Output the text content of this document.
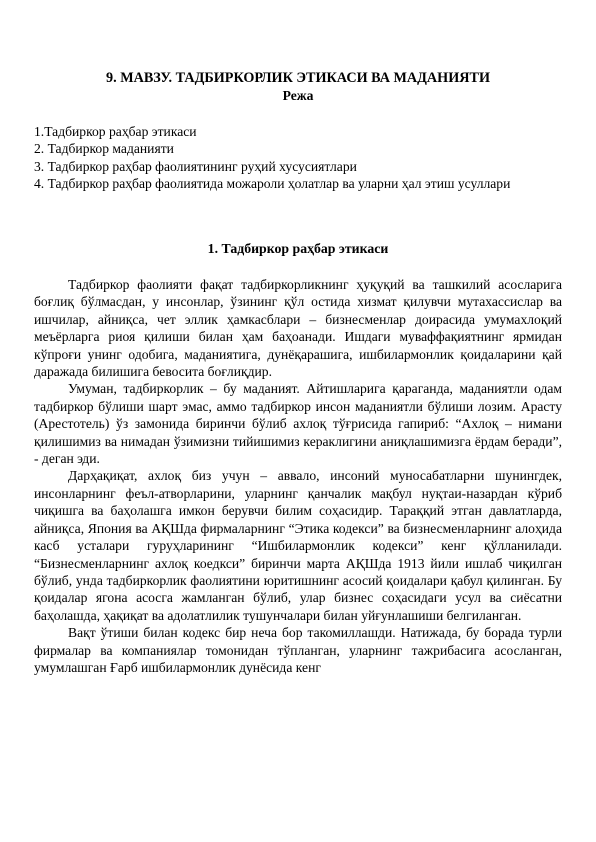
9. МАВЗУ. ТАДБИРКОРЛИК ЭТИКАСИ ВА МАДАНИЯТИ
Режа

1.Тадбиркор раҳбар этикаси

2. Тадбиркор маданияти

3. Тадбиркор раҳбар фаолиятининг руҳий хусусиятлари

4. Тадбиркор раҳбар фаолиятида можароли ҳолатлар ва уларни ҳал этиш усуллари

1. Тадбиркор раҳбар этикаси

Тадбиркор фаолияти фақат тадбиркорликнинг ҳуқуқий ва ташкилий асосларига боғлиқ бўлмасдан, у инсонлар, ўзининг қўл остида хизмат қилувчи мутахассислар ва ишчилар, айниқса, чет эллик ҳамкасблари – бизнесменлар доирасида умумахлоқий меъёрларга риоя қилиши билан ҳам баҳоанади. Ишдаги муваффақиятнинг ярмидан кўпроғи унинг одобига, маданиятига, дунёқарашига, ишбилармонлик қоидаларини қай даражада билишига бевосита боғлиқдир.

Умуман, тадбиркорлик – бу маданият. Айтишларига қараганда, маданиятли одам тадбиркор бўлиши шарт эмас, аммо тадбиркор инсон маданиятли бўлиши лозим. Арасту (Арестотель) ўз замонида биринчи бўлиб ахлоқ тўғрисида гапириб: “Ахлоқ – нимани қилишимиз ва нимадан ўзимизни тийишимиз кераклигини аниқлашимизга ёрдам беради”, - деган эди.

Дарҳақиқат, ахлоқ биз учун – аввало, инсоний муносабатларни шунингдек, инсонларнинг феъл-атворларини, уларнинг қанчалик мақбул нуқтаи-назардан кўриб чиқишга ва баҳолашга имкон берувчи билим соҳасидир. Тараққий этган давлатларда, айниқса, Япония ва АҚШда фирмаларнинг “Этика кодекси” ва бизнесменларнинг алоҳида касб усталари гуруҳларининг “Ишбилармонлик кодекси” кенг қўлланилади. “Бизнесменларнинг ахлоқ коедкси” биринчи марта АҚШда 1913 йили ишлаб чиқилган бўлиб, унда тадбиркорлик фаолиятини юритишнинг асосий қоидалари қабул қилинган. Бу қоидалар ягона асосга жамланган бўлиб, улар бизнес соҳасидаги усул ва сиёсатни баҳолашда, ҳақиқат ва адолатлилик тушунчалари билан уйғунлашиши белгиланган.

Вақт ўтиши билан кодекс бир неча бор такомиллашди. Натижада, бу борада турли фирмалар ва компаниялар томонидан тўпланган, уларнинг тажрибасига асосланган, умумлашган Ғарб ишбилармонлик дунёсида кенг
